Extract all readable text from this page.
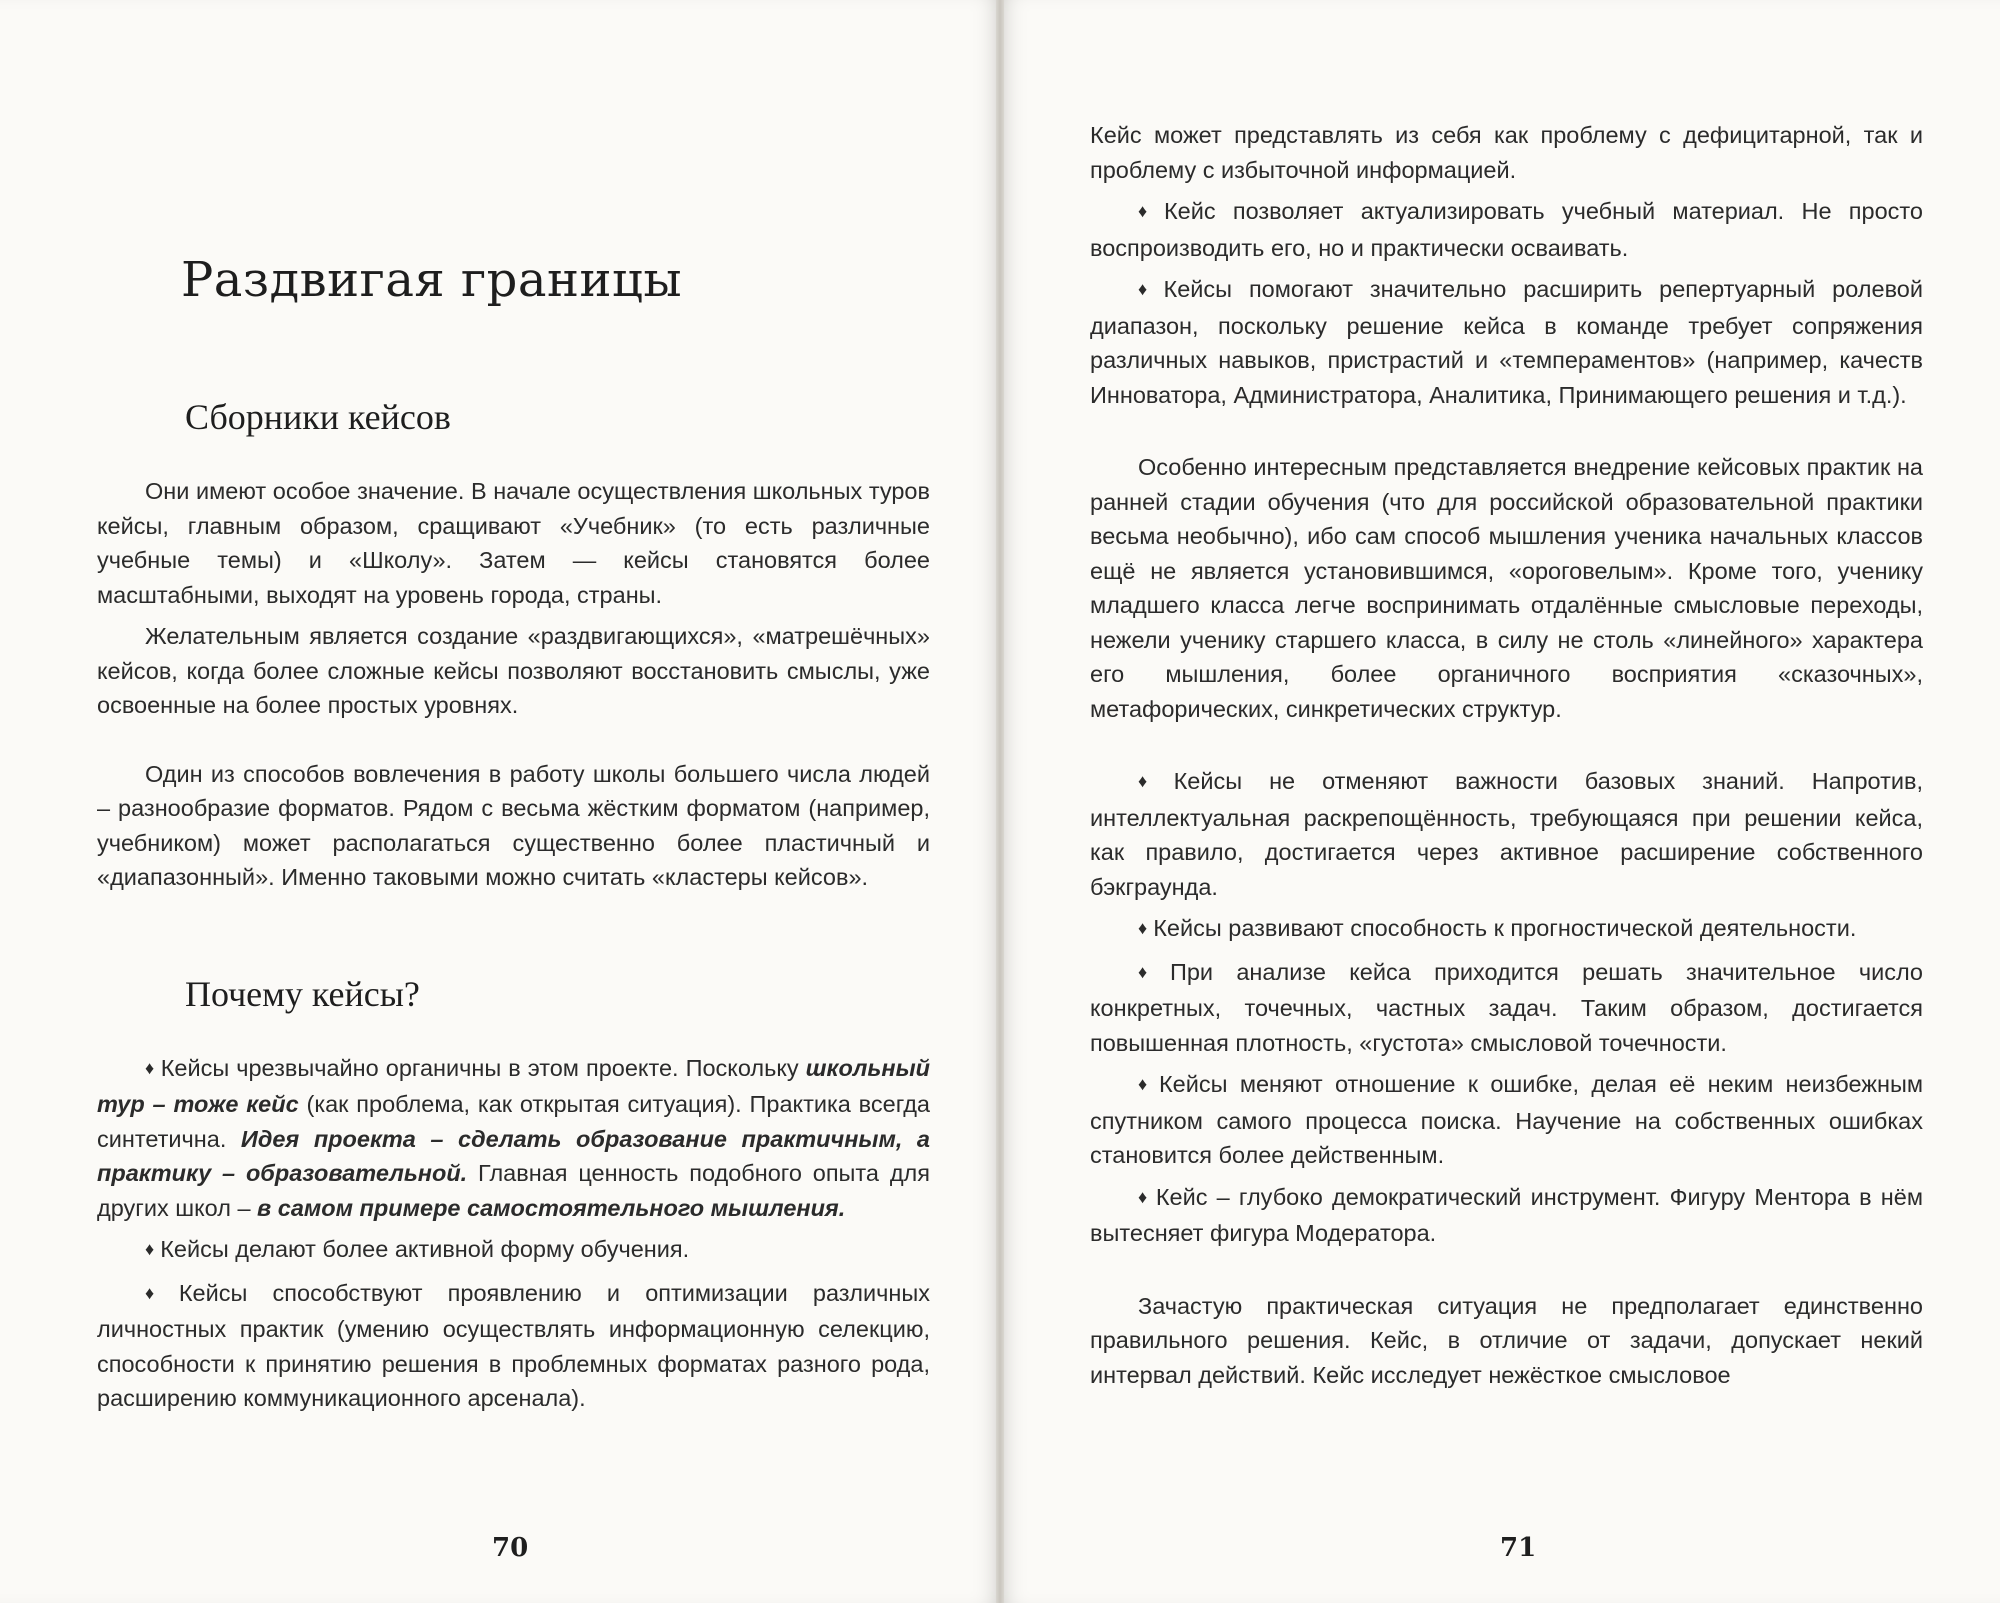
Раздвигая границы
Сборники кейсов

Они имеют особое значение. В начале осуществления школьных туров кейсы, главным образом, сращивают «Учебник» (то есть различные учебные темы) и «Школу». Затем — кейсы становятся более масштабными, выходят на уровень города, страны.

Желательным является создание «раздвигающихся», «матрешёчных» кейсов, когда более сложные кейсы позволяют восстановить смыслы, уже освоенные на более простых уровнях.

Один из способов вовлечения в работу школы большего числа людей – разнообразие форматов. Рядом с весьма жёстким форматом (например, учебником) может располагаться существенно более пластичный и «диапазонный». Именно таковыми можно считать «кластеры кейсов».

Почему кейсы?

♦ Кейсы чрезвычайно органичны в этом проекте. Поскольку школьный тур – тоже кейс (как проблема, как открытая ситуация). Практика всегда синтетична. Идея проекта – сделать образование практичным, а практику – образовательной. Главная ценность подобного опыта для других школ – в самом примере самостоятельного мышления.

♦ Кейсы делают более активной форму обучения.

♦ Кейсы способствуют проявлению и оптимизации различных личностных практик (умению осуществлять информационную селекцию, способности к принятию решения в проблемных форматах разного рода, расширению коммуникационного арсенала).

70

Кейс может представлять из себя как проблему с дефицитарной, так и проблему с избыточной информацией.

♦ Кейс позволяет актуализировать учебный материал. Не просто воспроизводить его, но и практически осваивать.

♦ Кейсы помогают значительно расширить репертуарный ролевой диапазон, поскольку решение кейса в команде требует сопряжения различных навыков, пристрастий и «темпераментов» (например, качеств Инноватора, Администратора, Аналитика, Принимающего решения и т.д.).

Особенно интересным представляется внедрение кейсовых практик на ранней стадии обучения (что для российской образовательной практики весьма необычно), ибо сам способ мышления ученика начальных классов ещё не является установившимся, «ороговелым». Кроме того, ученику младшего класса легче воспринимать отдалённые смысловые переходы, нежели ученику старшего класса, в силу не столь «линейного» характера его мышления, более органичного восприятия «сказочных», метафорических, синкретических структур.

♦ Кейсы не отменяют важности базовых знаний. Напротив, интеллектуальная раскрепощённость, требующаяся при решении кейса, как правило, достигается через активное расширение собственного бэкграунда.

♦ Кейсы развивают способность к прогностической деятельности.

♦ При анализе кейса приходится решать значительное число конкретных, точечных, частных задач. Таким образом, достигается повышенная плотность, «густота» смысловой точечности.

♦ Кейсы меняют отношение к ошибке, делая её неким неизбежным спутником самого процесса поиска. Научение на собственных ошибках становится более действенным.

♦ Кейс – глубоко демократический инструмент. Фигуру Ментора в нём вытесняет фигура Модератора.

Зачастую практическая ситуация не предполагает единственно правильного решения. Кейс, в отличие от задачи, допускает некий интервал действий. Кейс исследует нежёсткое смысловое

71
